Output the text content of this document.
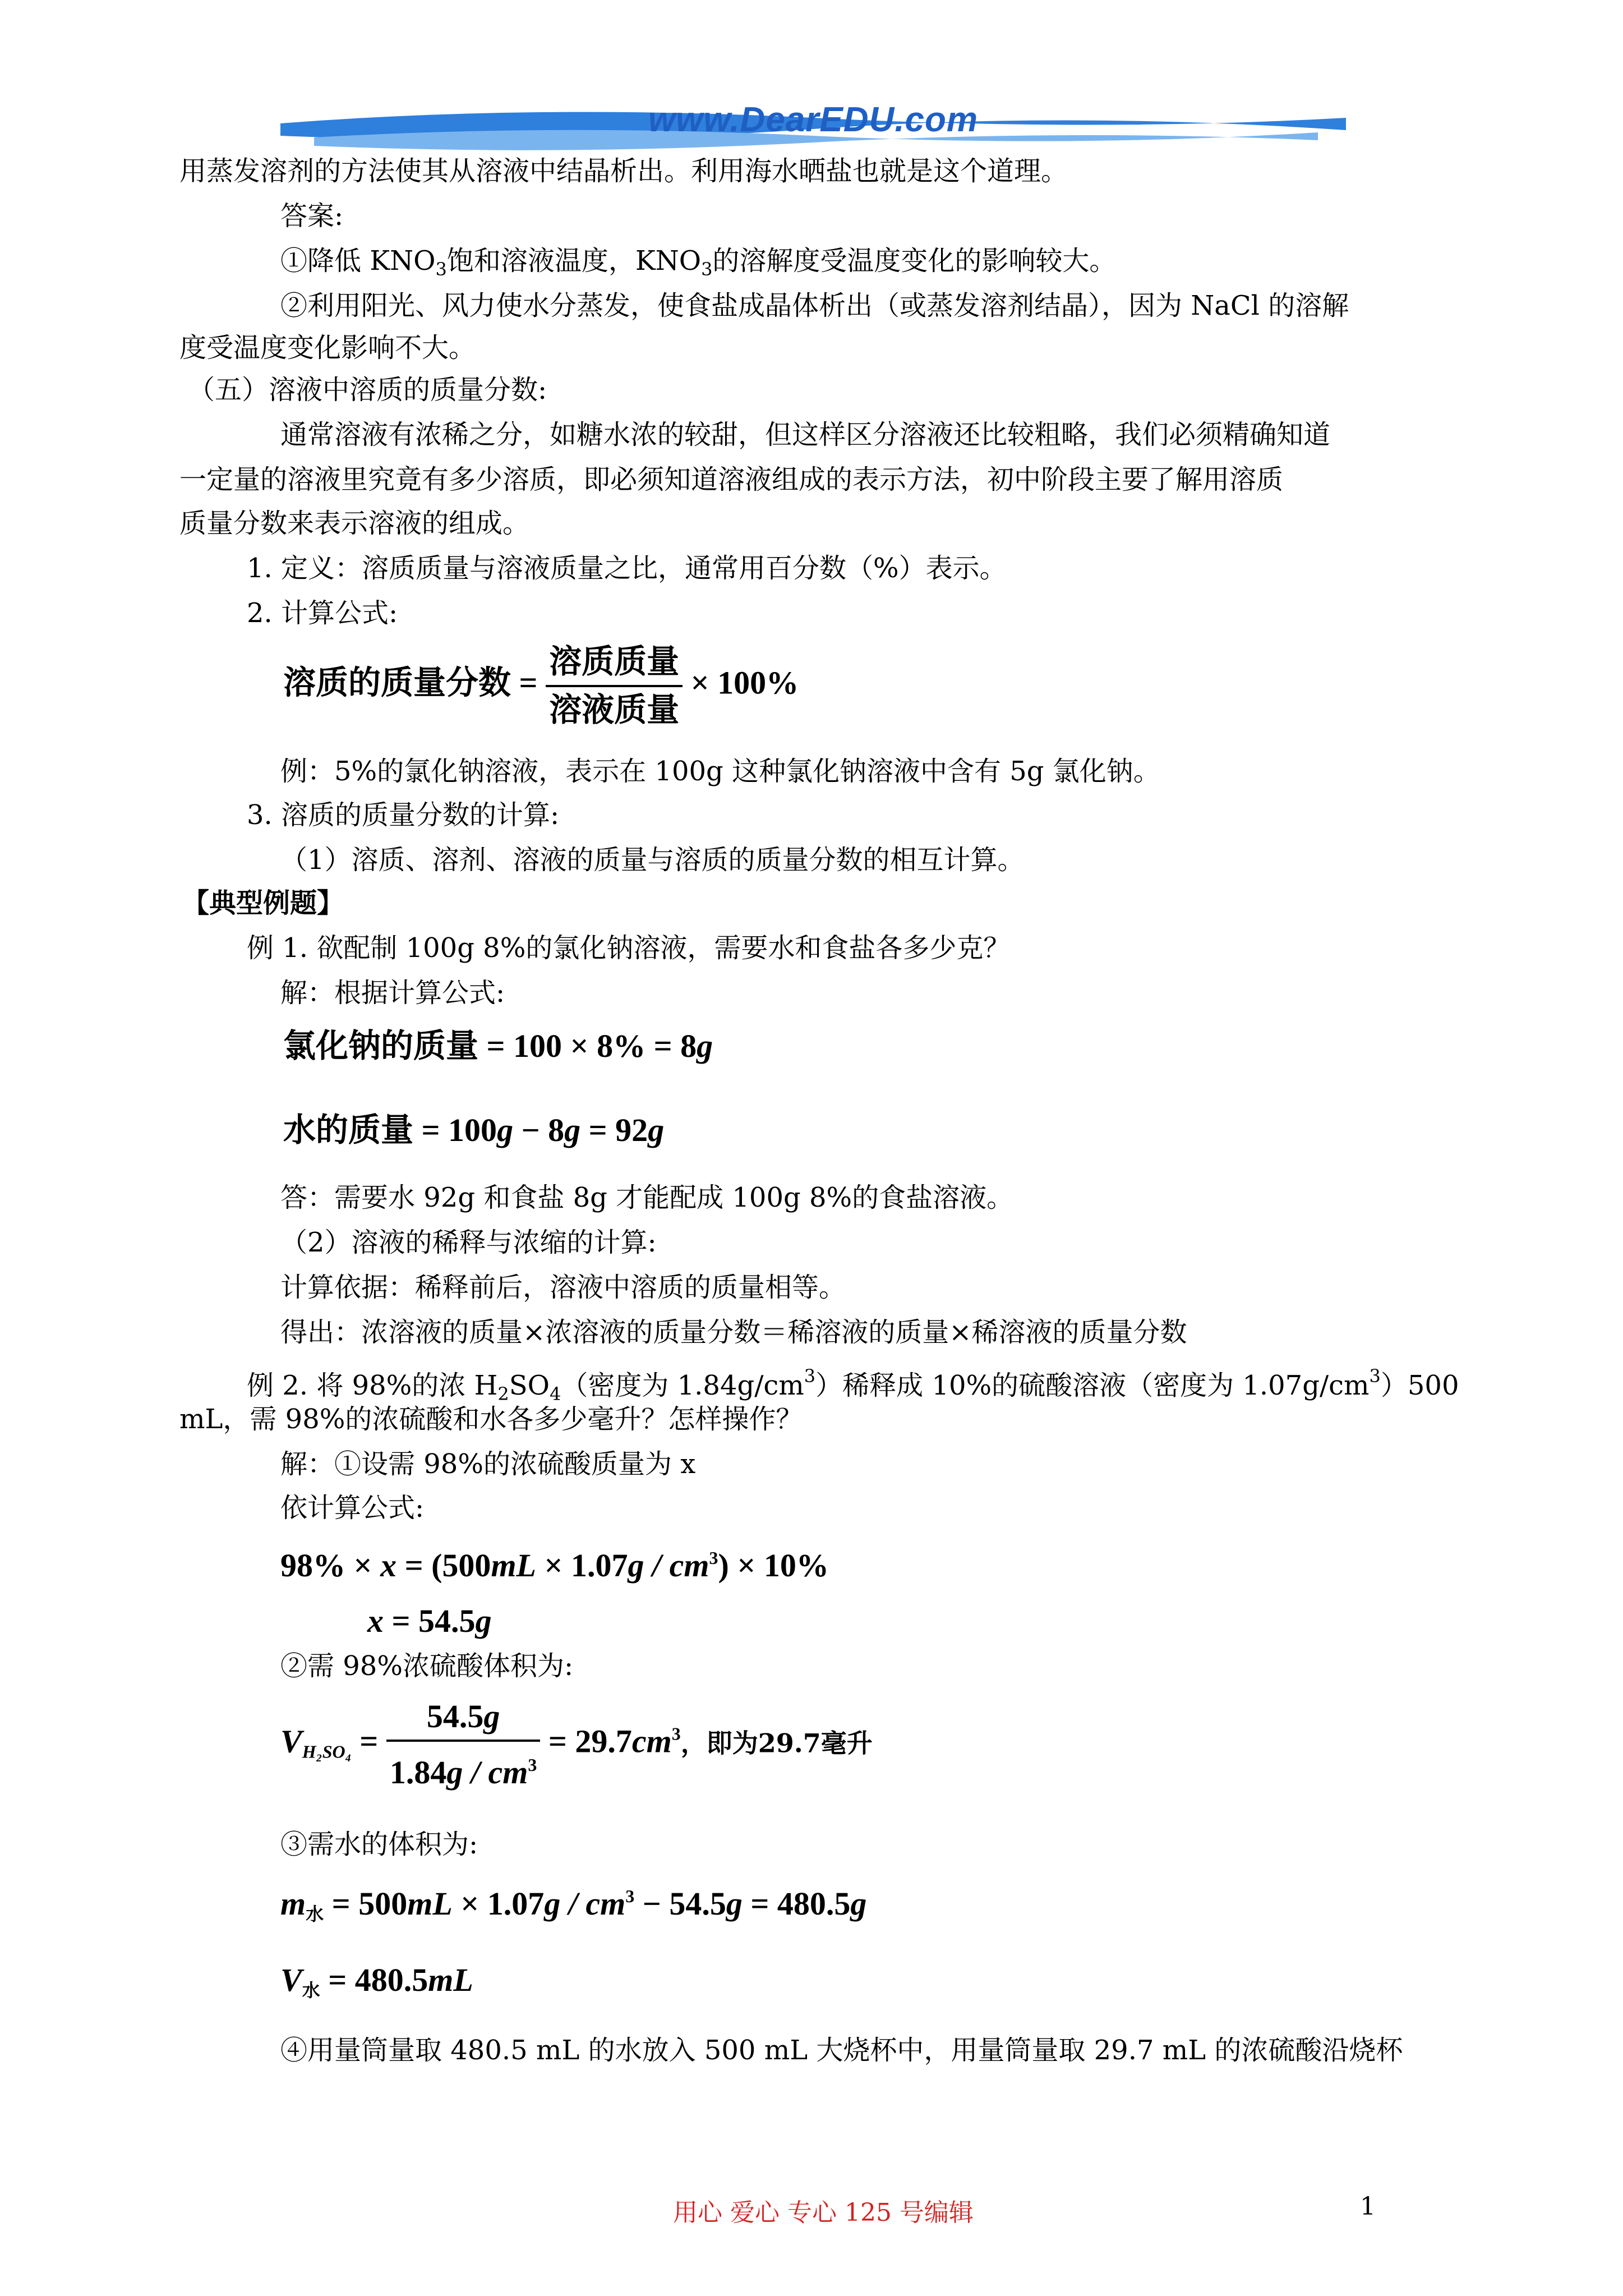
www.DearEDU.com
用蒸发溶剂的方法使其从溶液中结晶析出。利用海水晒盐也就是这个道理。
答案:
①降低 $KNO_3$饱和溶液温度，$KNO_3$的溶解度受温度变化的影响较大。
②利用阳光、风力使水分蒸发，使食盐成晶体析出（或蒸发溶剂结晶），因为 NaCl 的溶解
度受温度变化影响不大。
（五）溶液中溶质的质量分数:
通常溶液有浓稀之分，如糖水浓的较甜，但这样区分溶液还比较粗略，我们必须精确知道
一定量的溶液里究竟有多少溶质，即必须知道溶液组成的表示方法，初中阶段主要了解用溶质
质量分数来表示溶液的组成。
1. 定义：溶质质量与溶液质量之比，通常用百分数（%）表示。
2. 计算公式:
溶质的质量分数 = $\frac{\text{溶质质量}}{\text{溶液质量}} \times 100\%$
例：5%的氯化钠溶液，表示在 100g 这种氯化钠溶液中含有 5g 氯化钠。
3. 溶质的质量分数的计算:
（1）溶质、溶剂、溶液的质量与溶质的质量分数的相互计算。
【典型例题】
例 1. 欲配制 100g 8%的氯化钠溶液，需要水和食盐各多少克？
解：根据计算公式:
氯化钠的质量 = 100 × 8% = 8g
水的质量 = 100g − 8g = 92g
答：需要水 92g 和食盐 8g 才能配成 100g 8%的食盐溶液。
（2）溶液的稀释与浓缩的计算:
计算依据：稀释前后，溶液中溶质的质量相等。
得出：浓溶液的质量×浓溶液的质量分数＝稀溶液的质量×稀溶液的质量分数
例 2. 将 98%的浓 $H_2SO_4$（密度为 $1.84g/cm^3$）稀释成 10%的硫酸溶液（密度为 $1.07g/cm^3)500$
mL，需 98%的浓硫酸和水各多少毫升？怎样操作？
解：①设需 98%的浓硫酸质量为 x
依计算公式:
$98\% \times x = (500mL \times 1.07g / cm^3) \times 10\%$
x = 54.5g
②需 98%浓硫酸体积为:
$V_{H_2SO_4} = \frac{54.5g}{1.84g / cm^3} = 29.7cm^3$，即为29.7毫升
③需水的体积为:
$m_水 = 500mL \times 1.07g / cm^3 - 54.5g = 480.5g$
$V_水 = 480.5mL$
④用量筒量取 480.5 mL 的水放入 500 mL 大烧杯中，用量筒量取 29.7 mL 的浓硫酸沿烧杯
用心 爱心 专心 125 号编辑	1
